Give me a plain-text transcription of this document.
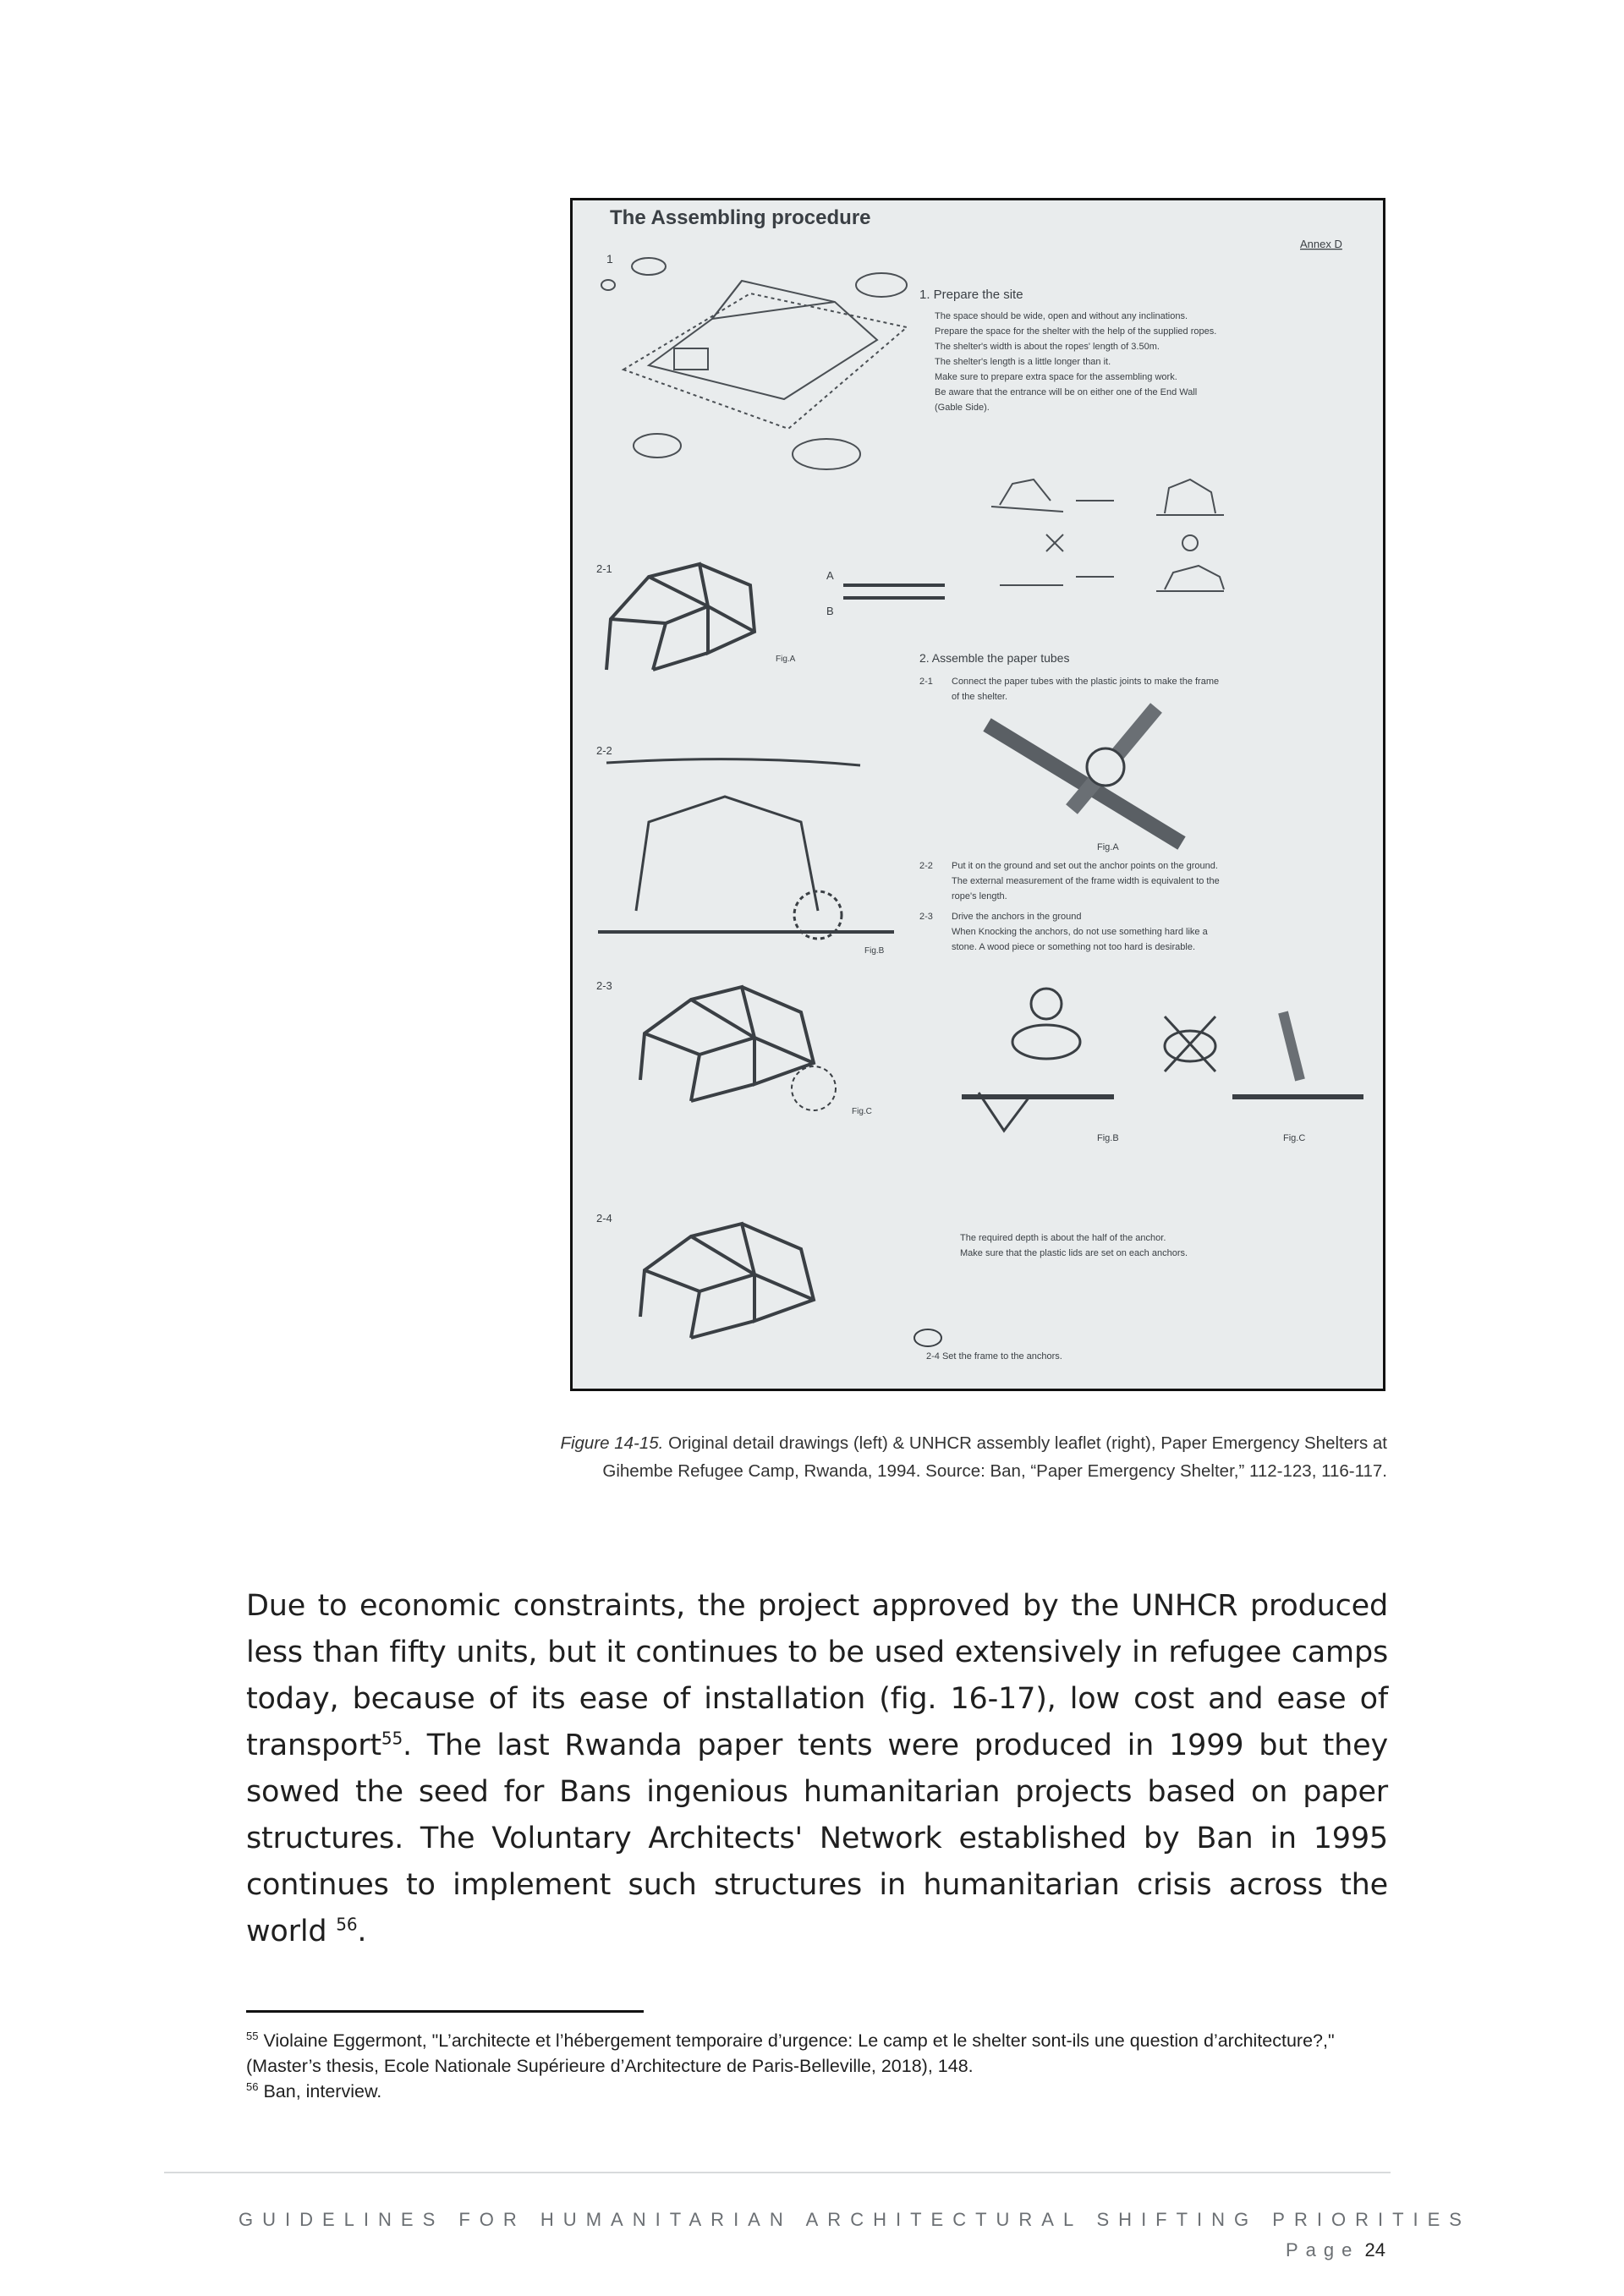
The Assembling procedure
Annex D
1
1. Prepare the site
The space should be wide, open and without any inclinations.
Prepare the space for the shelter with the help of the supplied ropes.
The shelter's width is about the ropes' length of 3.50m.
The shelter's length is a little longer than it.
Make sure to prepare extra space for the assembling work.
Be aware that the entrance will be on either one of the End Wall
(Gable Side).
2-1
A
B
Fig.A	2. Assemble the paper tubes
2-1 Connect the paper tubes with the plastic joints to make the frame
of the shelter.
Fig.A
2-2
Fig.B
2-2 Put it on the ground and set out the anchor points on the ground.
The external measurement of the frame width is equivalent to the
rope's length.
2-3 Drive the anchors in the ground
When Knocking the anchors, do not use something hard like a
stone. A wood piece or something not too hard is desirable.
2-3
Fig.C
Fig.B	Fig.C
2-4
The required depth is about the half of the anchor.
Make sure that the plastic lids are set on each anchors.
2-4 Set the frame to the anchors.
Figure 14-15. Original detail drawings (left) & UNHCR assembly leaflet (right), Paper Emergency Shelters at Gihembe Refugee Camp, Rwanda, 1994. Source: Ban, “Paper Emergency Shelter,” 112-123, 116-117.
Due to economic constraints, the project approved by the UNHCR produced less than fifty units, but it continues to be used extensively in refugee camps today, because of its ease of installation (fig. 16-17), low cost and ease of transport$^{55}$. The last Rwanda paper tents were produced in 1999 but they sowed the seed for Bans ingenious humanitarian projects based on paper structures. The Voluntary Architects' Network established by Ban in 1995 continues to implement such structures in humanitarian crisis across the world $^{56}$.
$^{55}$ Violaine Eggermont, "L’architecte et l’hébergement temporaire d’urgence: Le camp et le shelter sont-ils une question d’architecture?," (Master’s thesis, Ecole Nationale Supérieure d’Architecture de Paris-Belleville, 2018), 148.
$^{56}$ Ban, interview.
GUIDELINES FOR HUMANITARIAN ARCHITECTURAL SHIFTING PRIORITIES
Page 24
